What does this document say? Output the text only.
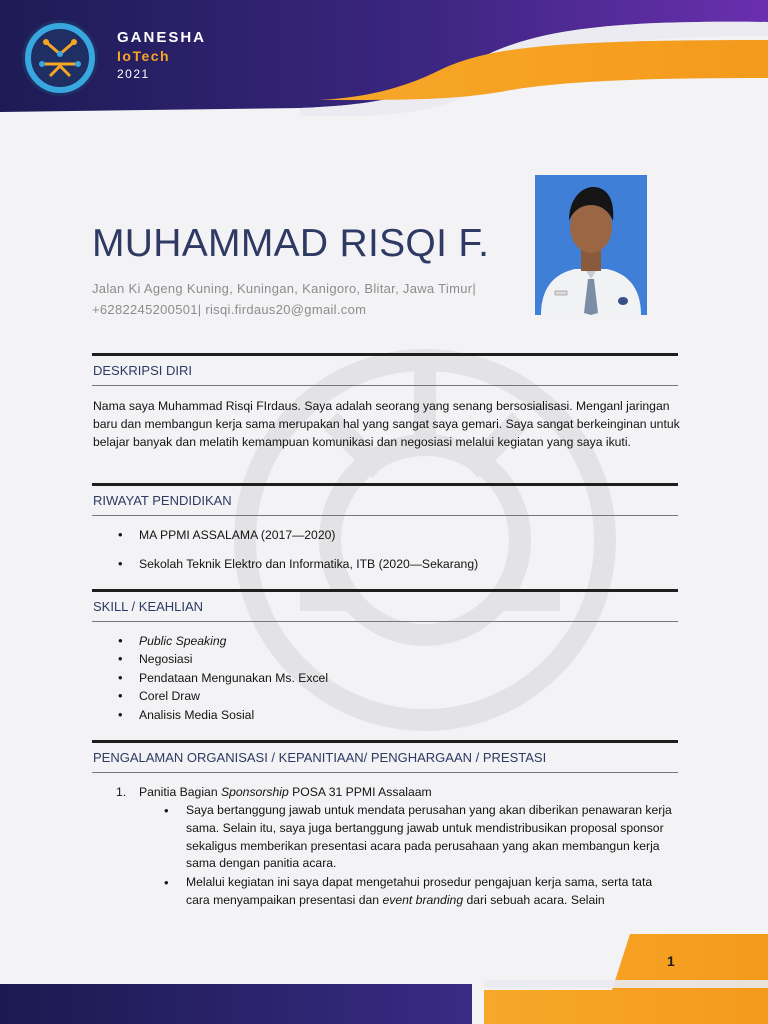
GANESHA
IoTech
2021
MUHAMMAD RISQI F.
Jalan Ki Ageng Kuning, Kuningan, Kanigoro, Blitar, Jawa Timur|
+6282245200501| risqi.firdaus20@gmail.com
DESKRIPSI DIRI
Nama saya Muhammad Risqi FIrdaus. Saya adalah seorang yang senang bersosialisasi. Menganl jaringan baru dan membangun kerja sama merupakan hal yang sangat saya gemari. Saya sangat berkeinginan untuk belajar banyak dan melatih kemampuan komunikasi dan negosiasi melalui kegiatan yang saya ikuti.
RIWAYAT PENDIDIKAN
• MA PPMI ASSALAMA (2017—2020)
• Sekolah Teknik Elektro dan Informatika, ITB (2020—Sekarang)
SKILL / KEAHLIAN
• Public Speaking
• Negosiasi
• Pendataan Mengunakan Ms. Excel
• Corel Draw
• Analisis Media Sosial
PENGALAMAN ORGANISASI / KEPANITIAAN/ PENGHARGAAN / PRESTASI
1. Panitia Bagian Sponsorship POSA 31 PPMI Assalaam
• Saya bertanggung jawab untuk mendata perusahan yang akan diberikan penawaran kerja sama. Selain itu, saya juga bertanggung jawab untuk mendistribusikan proposal sponsor sekaligus memberikan presentasi acara pada perusahaan yang akan membangun kerja sama dengan panitia acara.
• Melalui kegiatan ini saya dapat mengetahui prosedur pengajuan kerja sama, serta tata cara menyampaikan presentasi dan event branding dari sebuah acara. Selain
1
